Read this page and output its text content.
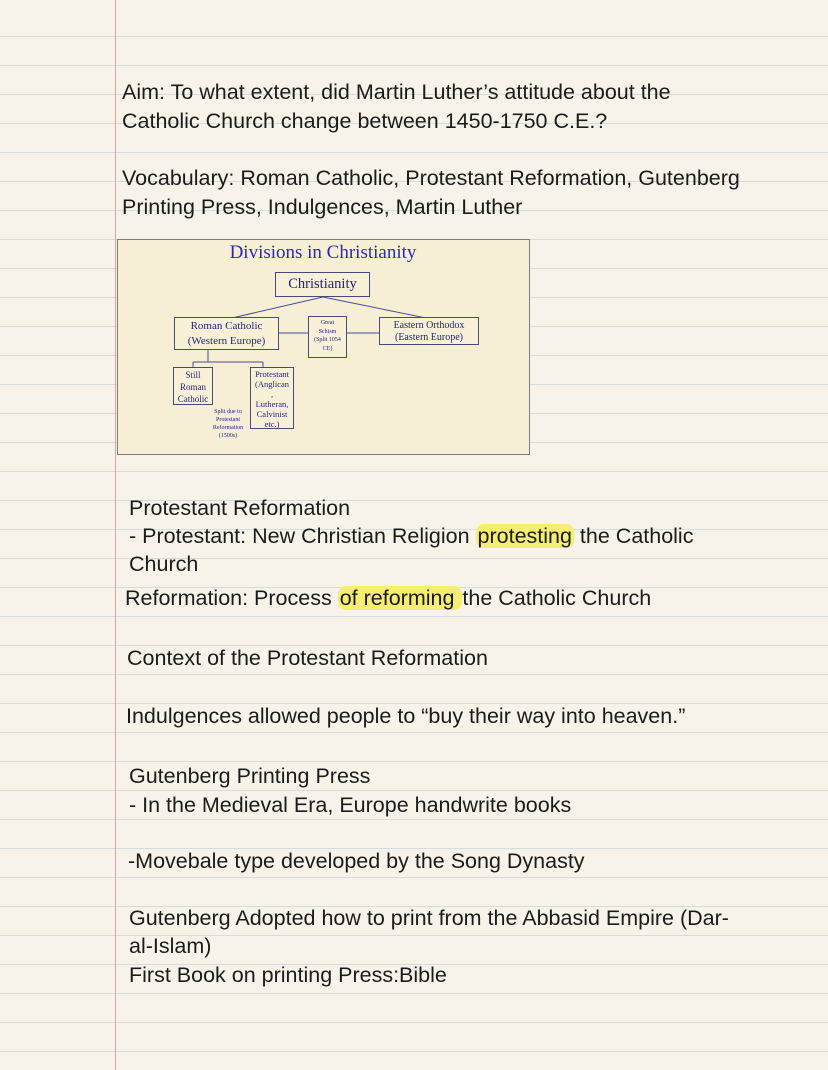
Aim: To what extent, did Martin Luther’s attitude about the

Catholic Church change between 1450-1750 C.E.?

Vocabulary: Roman Catholic, Protestant Reformation, Gutenberg

Printing Press, Indulgences, Martin Luther

Divisions in Christianity
Christianity
Roman Catholic
(Western Europe)
Great
Schism
(Split 1054
CE)
Eastern Orthodox
(Eastern Europe)
Still
Roman
Catholic
Protestant
(Anglican
,
Lutheran,
Calvinist
etc.)
Split due to
Protestant
Reformation
(1500s)

Protestant Reformation

- Protestant: New Christian Religion protesting the Catholic

Church

Reformation: Process of reforming the Catholic Church

Context of the Protestant Reformation

Indulgences allowed people to “buy their way into heaven.”

Gutenberg Printing Press

- In the Medieval Era, Europe handwrite books

-Movebale type developed by the Song Dynasty

Gutenberg Adopted how to print from the Abbasid Empire (Dar-

al-Islam)

First Book on printing Press:Bible
